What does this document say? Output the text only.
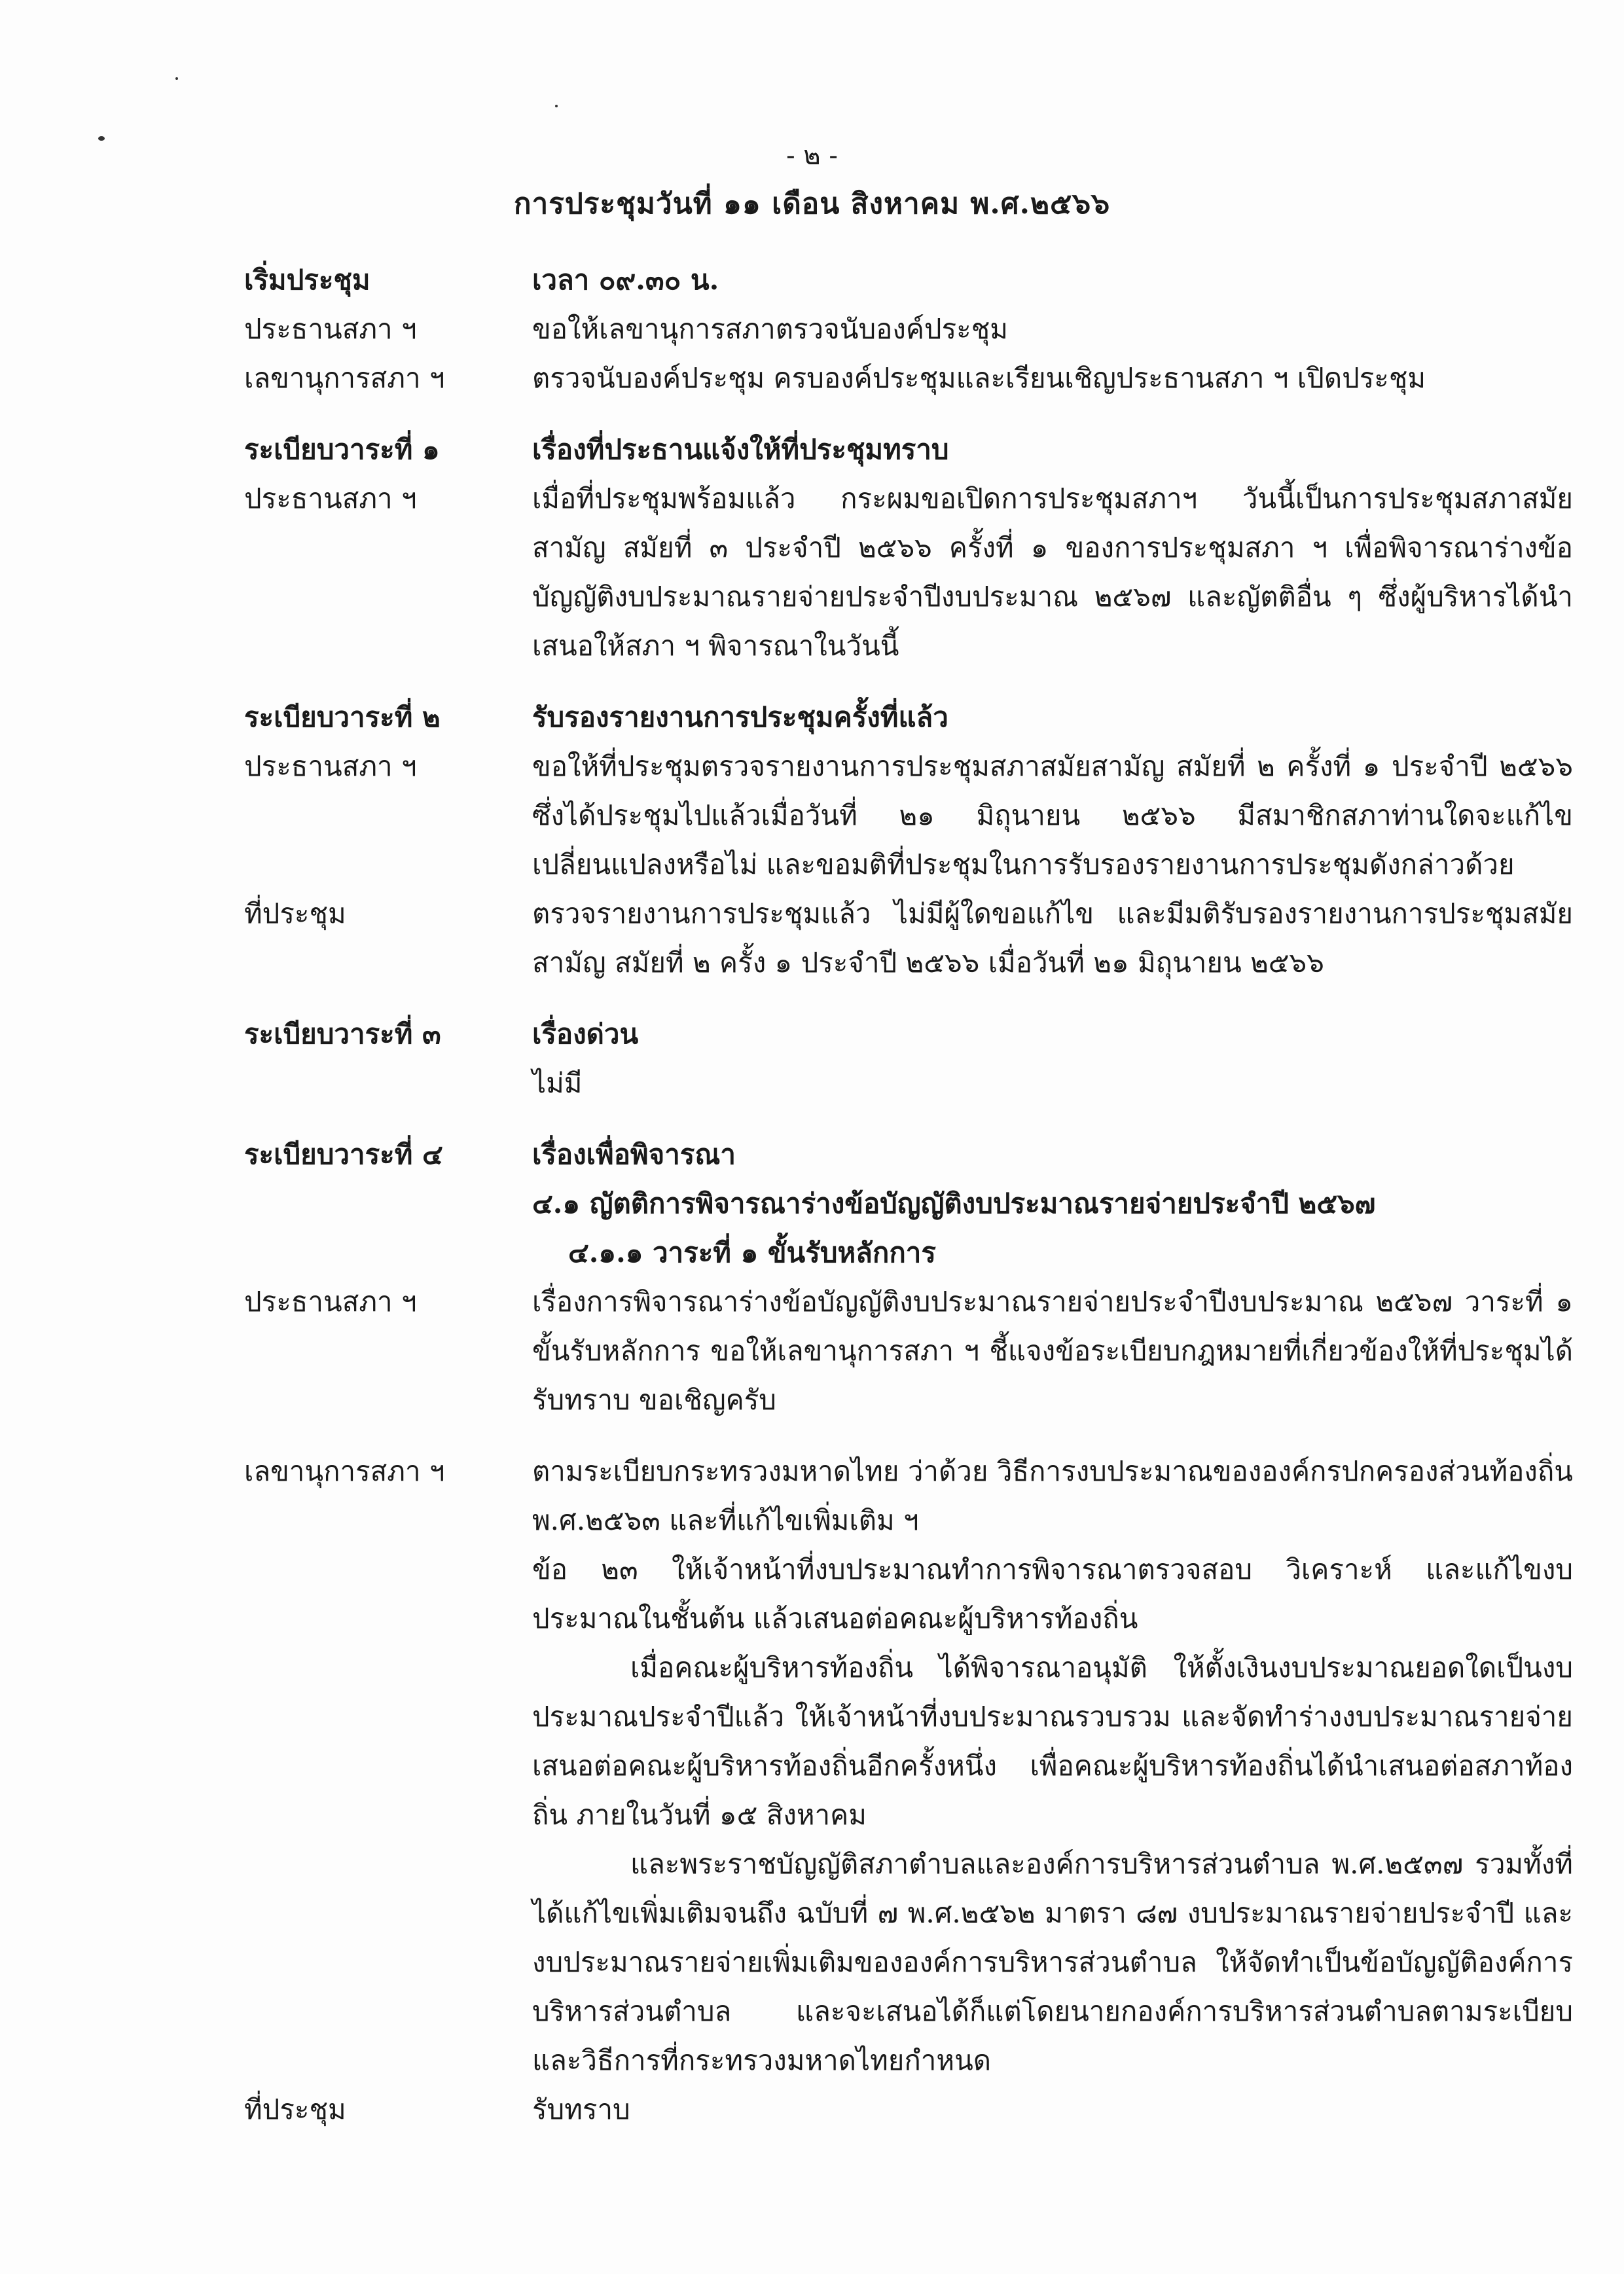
- ๒ -
การประชุมวันที่ ๑๑ เดือน สิงหาคม พ.ศ.๒๕๖๖
เริ่มประชุม	เวลา ๐๙.๓๐ น.
ประธานสภา ฯ	ขอให้เลขานุการสภาตรวจนับองค์ประชุม
เลขานุการสภา ฯ	ตรวจนับองค์ประชุม ครบองค์ประชุมและเรียนเชิญประธานสภา ฯ เปิดประชุม
ระเบียบวาระที่ ๑	เรื่องที่ประธานแจ้งให้ที่ประชุมทราบ
ประธานสภา ฯ	เมื่อที่ประชุมพร้อมแล้ว กระผมขอเปิดการประชุมสภาฯ วันนี้เป็นการประชุมสภาสมัยสามัญ สมัยที่ ๓ ประจำปี ๒๕๖๖ ครั้งที่ ๑ ของการประชุมสภา ฯ เพื่อพิจารณาร่างข้อบัญญัติงบประมาณรายจ่ายประจำปีงบประมาณ ๒๕๖๗ และญัตติอื่น ๆ ซึ่งผู้บริหารได้นำเสนอให้สภา ฯ พิจารณาในวันนี้
ระเบียบวาระที่ ๒	รับรองรายงานการประชุมครั้งที่แล้ว
ประธานสภา ฯ	ขอให้ที่ประชุมตรวจรายงานการประชุมสภาสมัยสามัญ สมัยที่ ๒ ครั้งที่ ๑ ประจำปี ๒๕๖๖ ซึ่งได้ประชุมไปแล้วเมื่อวันที่ ๒๑ มิถุนายน ๒๕๖๖ มีสมาชิกสภาท่านใดจะแก้ไขเปลี่ยนแปลงหรือไม่ และขอมติที่ประชุมในการรับรองรายงานการประชุมดังกล่าวด้วย
ที่ประชุม	ตรวจรายงานการประชุมแล้ว ไม่มีผู้ใดขอแก้ไข และมีมติรับรองรายงานการประชุมสมัยสามัญ สมัยที่ ๒ ครั้ง ๑ ประจำปี ๒๕๖๖ เมื่อวันที่ ๒๑ มิถุนายน ๒๕๖๖
ระเบียบวาระที่ ๓	เรื่องด่วน

ไม่มี

ระเบียบวาระที่ ๔	เรื่องเพื่อพิจารณา

๔.๑ ญัตติการพิจารณาร่างข้อบัญญัติงบประมาณรายจ่ายประจำปี ๒๕๖๗

๔.๑.๑ วาระที่ ๑ ขั้นรับหลักการ

ประธานสภา ฯ	เรื่องการพิจารณาร่างข้อบัญญัติงบประมาณรายจ่ายประจำปีงบประมาณ ๒๕๖๗ วาระที่ ๑ ขั้นรับหลักการ ขอให้เลขานุการสภา ฯ ชี้แจงข้อระเบียบกฎหมายที่เกี่ยวข้องให้ที่ประชุมได้รับทราบ ขอเชิญครับ
เลขานุการสภา ฯ	ตามระเบียบกระทรวงมหาดไทย ว่าด้วย วิธีการงบประมาณขององค์กรปกครองส่วนท้องถิ่น พ.ศ.๒๕๖๓ และที่แก้ไขเพิ่มเติม ฯ

ข้อ ๒๓ ให้เจ้าหน้าที่งบประมาณทำการพิจารณาตรวจสอบ วิเคราะห์ และแก้ไขงบประมาณในชั้นต้น แล้วเสนอต่อคณะผู้บริหารท้องถิ่น

เมื่อคณะผู้บริหารท้องถิ่น ได้พิจารณาอนุมัติ ให้ตั้งเงินงบประมาณยอดใดเป็นงบประมาณประจำปีแล้ว ให้เจ้าหน้าที่งบประมาณรวบรวม และจัดทำร่างงบประมาณรายจ่ายเสนอต่อคณะผู้บริหารท้องถิ่นอีกครั้งหนึ่ง เพื่อคณะผู้บริหารท้องถิ่นได้นำเสนอต่อสภาท้องถิ่น ภายในวันที่ ๑๕ สิงหาคม

และพระราชบัญญัติสภาตำบลและองค์การบริหารส่วนตำบล พ.ศ.๒๕๓๗ รวมทั้งที่ได้แก้ไขเพิ่มเติมจนถึง ฉบับที่ ๗ พ.ศ.๒๕๖๒ มาตรา ๘๗ งบประมาณรายจ่ายประจำปี และงบประมาณรายจ่ายเพิ่มเติมขององค์การบริหารส่วนตำบล ให้จัดทำเป็นข้อบัญญัติองค์การบริหารส่วนตำบล และจะเสนอได้ก็แต่โดยนายกองค์การบริหารส่วนตำบลตามระเบียบ และวิธีการที่กระทรวงมหาดไทยกำหนด

ที่ประชุม	รับทราบ
